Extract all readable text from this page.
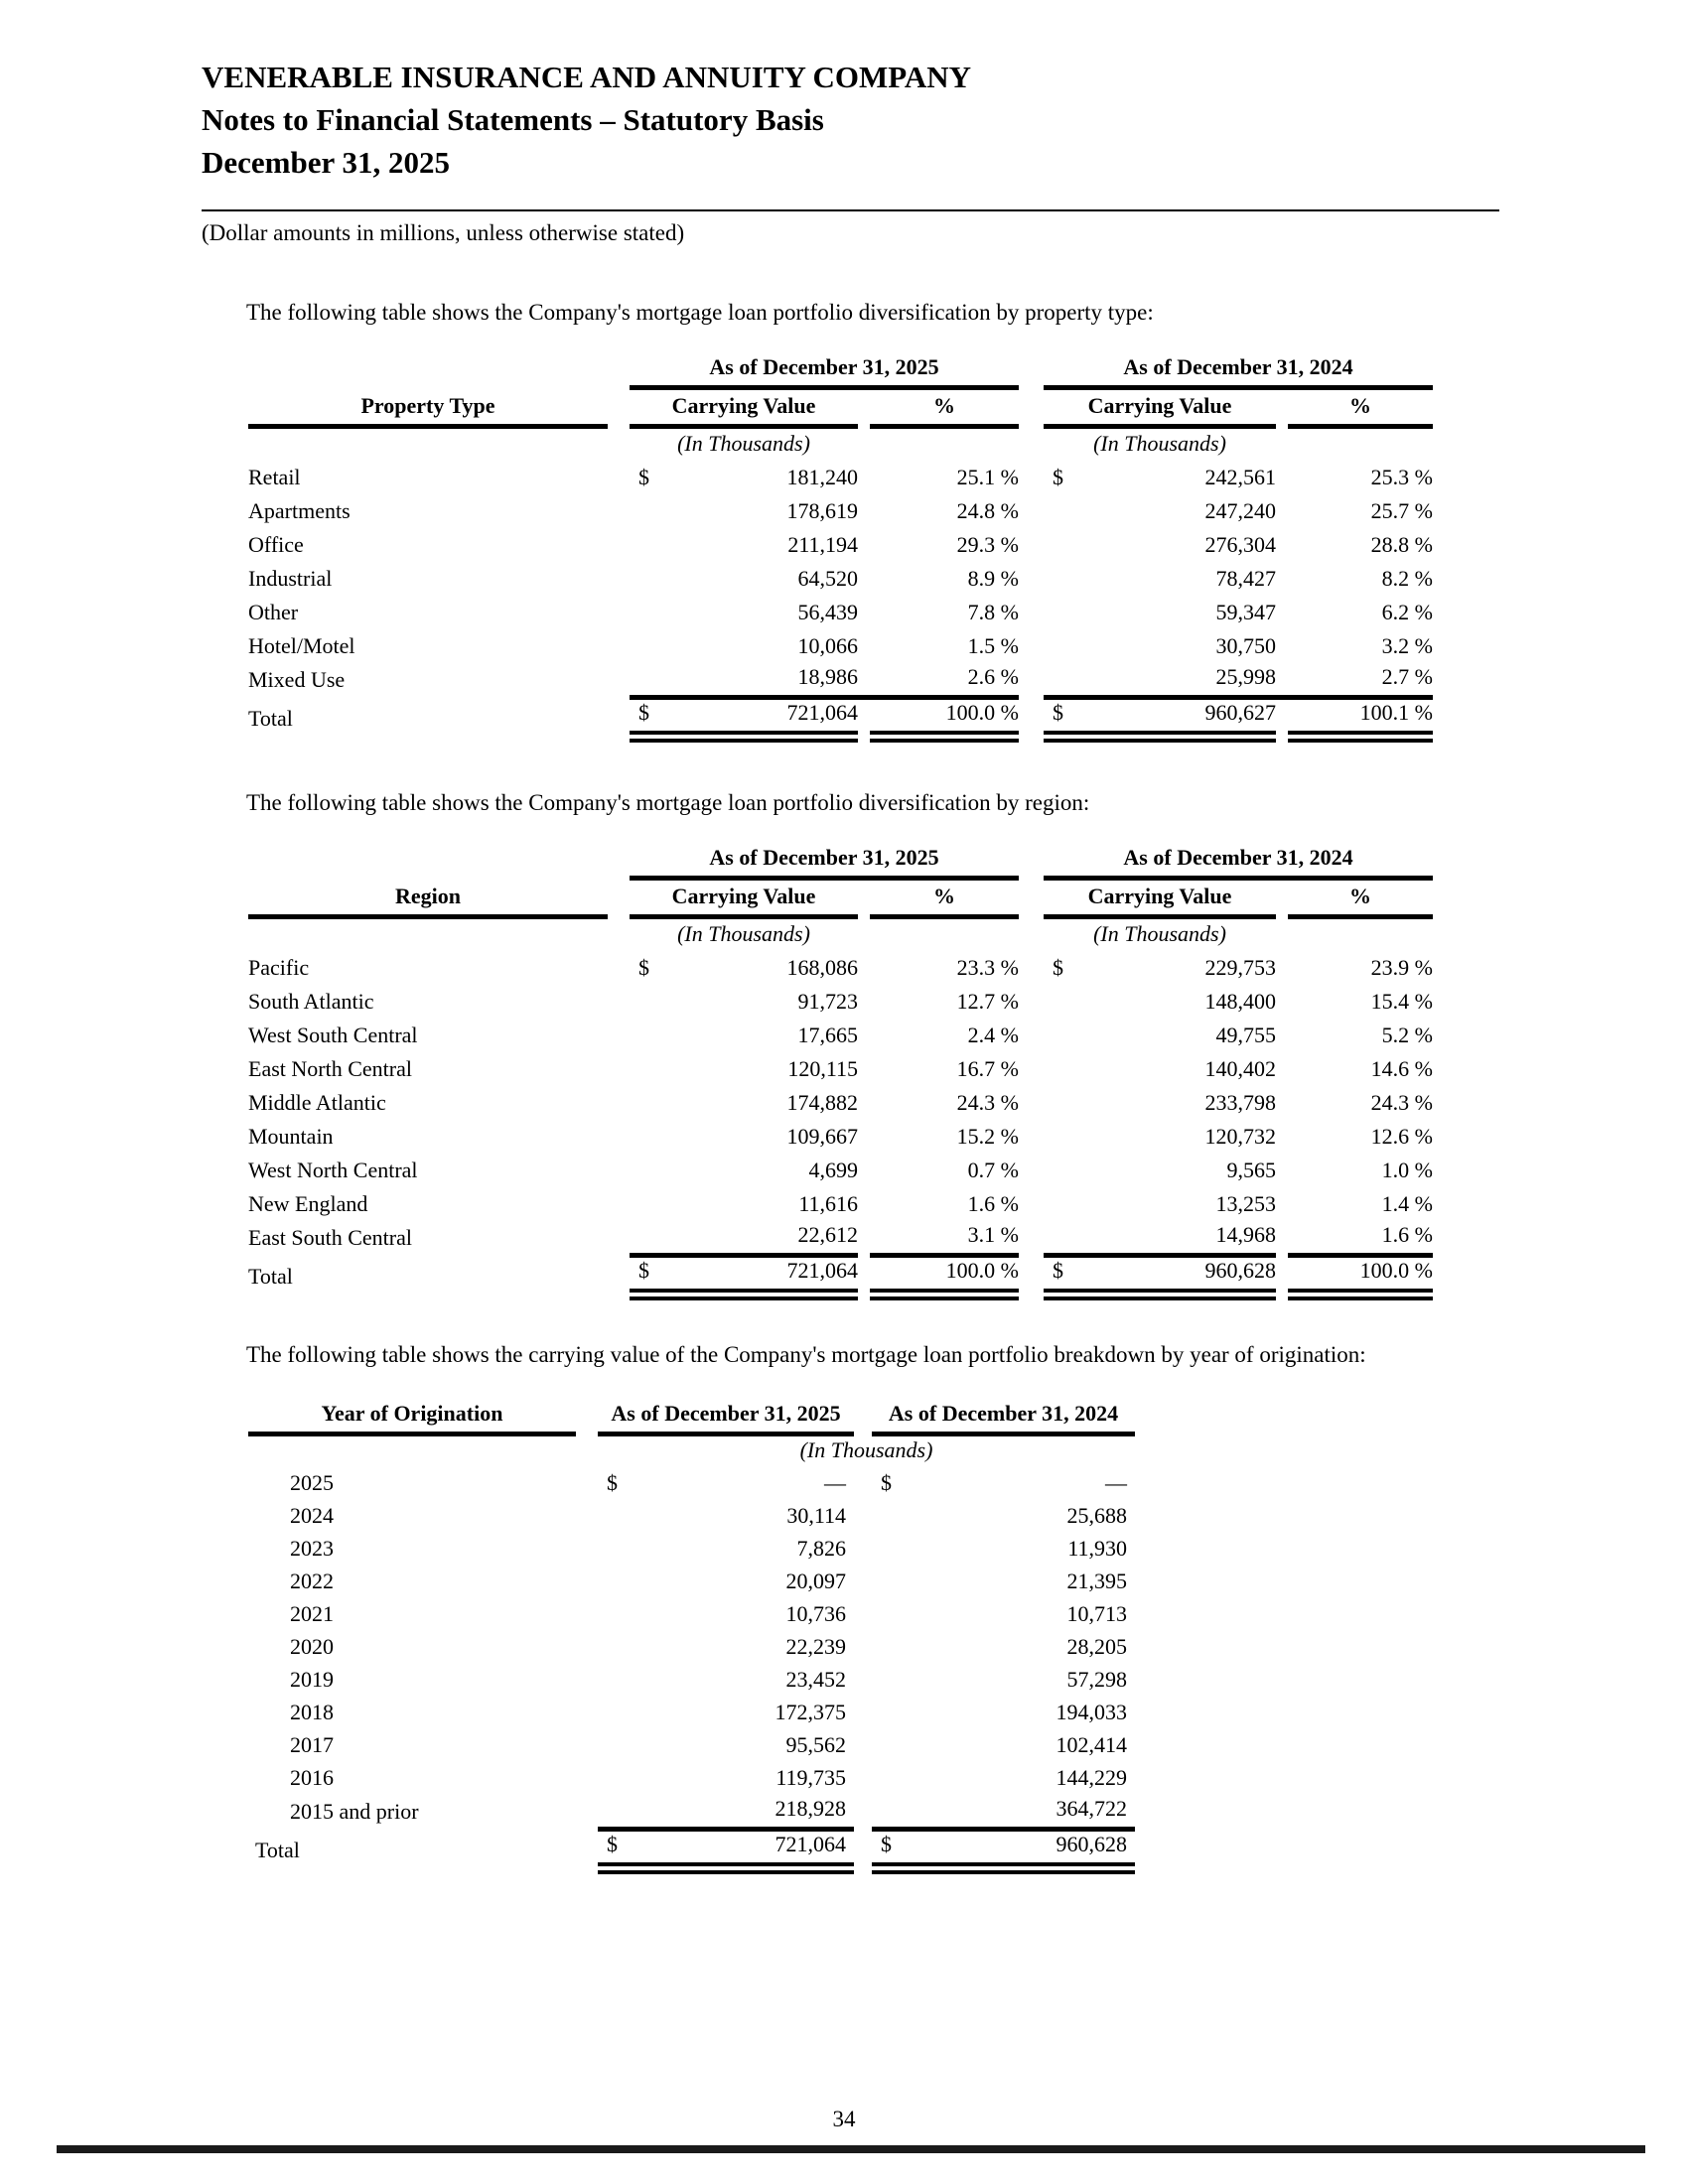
VENERABLE INSURANCE AND ANNUITY COMPANY
Notes to Financial Statements – Statutory Basis
December 31, 2025
(Dollar amounts in millions, unless otherwise stated)

The following table shows the Company's mortgage loan portfolio diversification by property type:

		As of December 31, 2025				As of December 31, 2024		
Property Type		Carrying Value		%		Carrying Value		%
		(In Thousands)				(In Thousands)		
Retail		$ 181,240		25.1 %		$ 242,561		25.3 %
Apartments		178,619		24.8 %		247,240		25.7 %
Office		211,194		29.3 %		276,304		28.8 %
Industrial		64,520		8.9 %		78,427		8.2 %
Other		56,439		7.8 %		59,347		6.2 %
Hotel/Motel		10,066		1.5 %		30,750		3.2 %
Mixed Use		18,986		2.6 %		25,998		2.7 %
Total		$ 721,064		100.0 %		$ 960,627		100.1 %

The following table shows the Company's mortgage loan portfolio diversification by region:

		As of December 31, 2025				As of December 31, 2024		
Region		Carrying Value		%		Carrying Value		%
		(In Thousands)				(In Thousands)		
Pacific		$ 168,086		23.3 %		$ 229,753		23.9 %
South Atlantic		91,723		12.7 %		148,400		15.4 %
West South Central		17,665		2.4 %		49,755		5.2 %
East North Central		120,115		16.7 %		140,402		14.6 %
Middle Atlantic		174,882		24.3 %		233,798		24.3 %
Mountain		109,667		15.2 %		120,732		12.6 %
West North Central		4,699		0.7 %		9,565		1.0 %
New England		11,616		1.6 %		13,253		1.4 %
East South Central		22,612		3.1 %		14,968		1.6 %
Total		$ 721,064		100.0 %		$ 960,628		100.0 %

The following table shows the carrying value of the Company's mortgage loan portfolio breakdown by year of origination:

Year of Origination		As of December 31, 2025		As of December 31, 2024
		(In Thousands)		
2025		$ —		$ —
2024		30,114		25,688
2023		7,826		11,930
2022		20,097		21,395
2021		10,736		10,713
2020		22,239		28,205
2019		23,452		57,298
2018		172,375		194,033
2017		95,562		102,414
2016		119,735		144,229
2015 and prior		218,928		364,722
Total		$ 721,064		$ 960,628
34
